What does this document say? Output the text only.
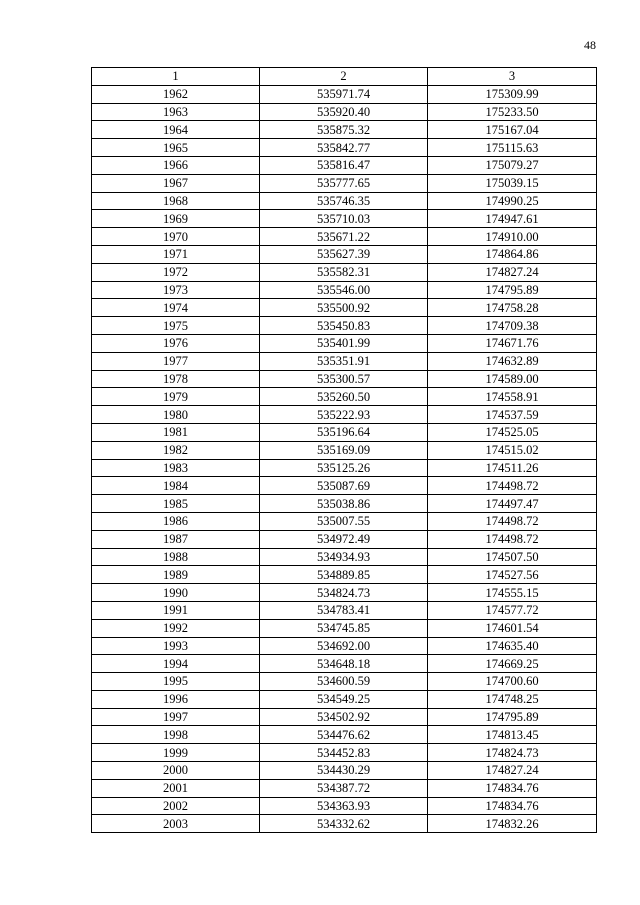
48
1	2	3
1962	535971.74	175309.99
1963	535920.40	175233.50
1964	535875.32	175167.04
1965	535842.77	175115.63
1966	535816.47	175079.27
1967	535777.65	175039.15
1968	535746.35	174990.25
1969	535710.03	174947.61
1970	535671.22	174910.00
1971	535627.39	174864.86
1972	535582.31	174827.24
1973	535546.00	174795.89
1974	535500.92	174758.28
1975	535450.83	174709.38
1976	535401.99	174671.76
1977	535351.91	174632.89
1978	535300.57	174589.00
1979	535260.50	174558.91
1980	535222.93	174537.59
1981	535196.64	174525.05
1982	535169.09	174515.02
1983	535125.26	174511.26
1984	535087.69	174498.72
1985	535038.86	174497.47
1986	535007.55	174498.72
1987	534972.49	174498.72
1988	534934.93	174507.50
1989	534889.85	174527.56
1990	534824.73	174555.15
1991	534783.41	174577.72
1992	534745.85	174601.54
1993	534692.00	174635.40
1994	534648.18	174669.25
1995	534600.59	174700.60
1996	534549.25	174748.25
1997	534502.92	174795.89
1998	534476.62	174813.45
1999	534452.83	174824.73
2000	534430.29	174827.24
2001	534387.72	174834.76
2002	534363.93	174834.76
2003	534332.62	174832.26
